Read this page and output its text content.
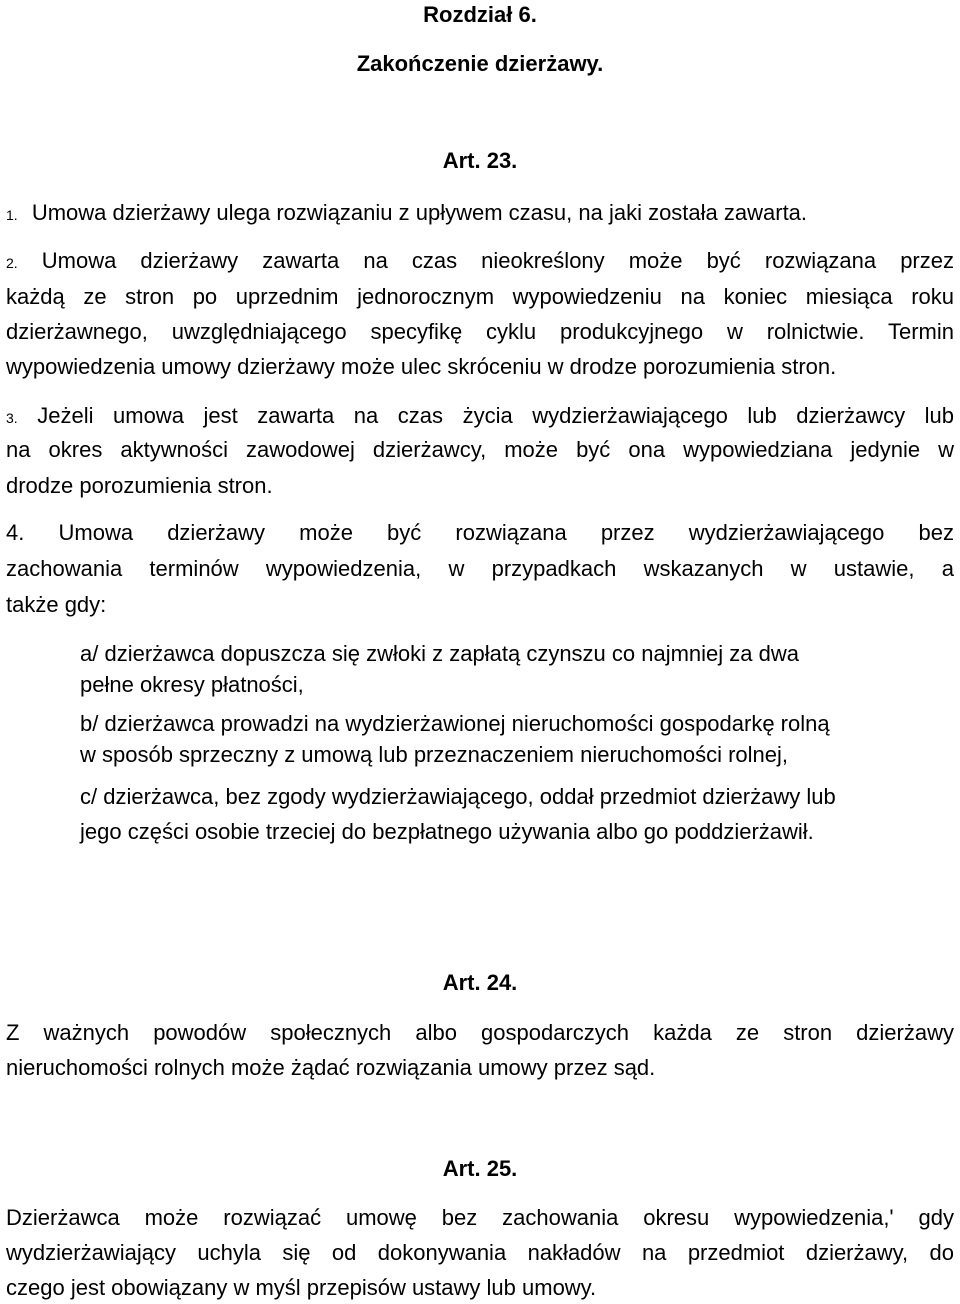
Rozdział 6.
Zakończenie dzierżawy.
Art. 23.
1. Umowa dzierżawy ulega rozwiązaniu z upływem czasu, na jaki została zawarta.
2. Umowa dzierżawy zawarta na czas nieokreślony może być rozwiązana przez
każdą ze stron po uprzednim jednorocznym wypowiedzeniu na koniec miesiąca roku
dzierżawnego, uwzględniającego specyfikę cyklu produkcyjnego w rolnictwie. Termin
wypowiedzenia umowy dzierżawy może ulec skróceniu w drodze porozumienia stron.
3. Jeżeli umowa jest zawarta na czas życia wydzierżawiającego lub dzierżawcy lub
na okres aktywności zawodowej dzierżawcy, może być ona wypowiedziana jedynie w
drodze porozumienia stron.
4. Umowa dzierżawy może być rozwiązana przez wydzierżawiającego bez
zachowania terminów wypowiedzenia, w przypadkach wskazanych w ustawie, a
także gdy:
a/ dzierżawca dopuszcza się zwłoki z zapłatą czynszu co najmniej za dwa
pełne okresy płatności,
b/ dzierżawca prowadzi na wydzierżawionej nieruchomości gospodarkę rolną
w sposób sprzeczny z umową lub przeznaczeniem nieruchomości rolnej,
c/ dzierżawca, bez zgody wydzierżawiającego, oddał przedmiot dzierżawy lub
jego części osobie trzeciej do bezpłatnego używania albo go poddzierżawił.
Art. 24.
Z ważnych powodów społecznych albo gospodarczych każda ze stron dzierżawy
nieruchomości rolnych może żądać rozwiązania umowy przez sąd.
Art. 25.
Dzierżawca może rozwiązać umowę bez zachowania okresu wypowiedzenia,' gdy
wydzierżawiający uchyla się od dokonywania nakładów na przedmiot dzierżawy, do
czego jest obowiązany w myśl przepisów ustawy lub umowy.
